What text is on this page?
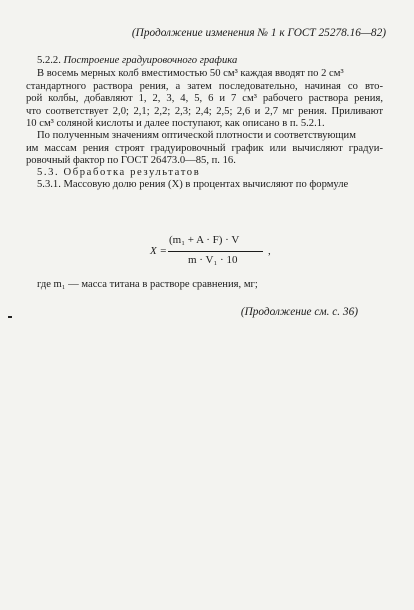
(Продолжение изменения № 1 к ГОСТ 25278.16—82)
5.2.2. Построение градуировочного графика
В восемь мерных колб вместимостью 50 см³ каждая вводят по 2 см³
стандартного раствора рения, а затем последовательно, начиная со вто-
рой колбы, добавляют 1, 2, 3, 4, 5, 6 и 7 см³ рабочего раствора рения,
что соответствует 2,0; 2,1; 2,2; 2,3; 2,4; 2,5; 2,6 и 2,7 мг рения. Приливают
10 см³ соляной кислоты и далее поступают, как описано в п. 5.2.1.
По полученным значениям оптической плотности и соответствующим
им массам рения строят градуировочный график или вычисляют градуи-
ровочный фактор по ГОСТ 26473.0—85, п. 16.
5.3. Обработка результатов
5.3.1. Массовую долю рения (X) в процентах вычисляют по формуле
X =
(m₁ + A · F) · V
m · V₁ · 10
,
где m₁ — масса титана в растворе сравнения, мг;
(Продолжение см. с. 36)
